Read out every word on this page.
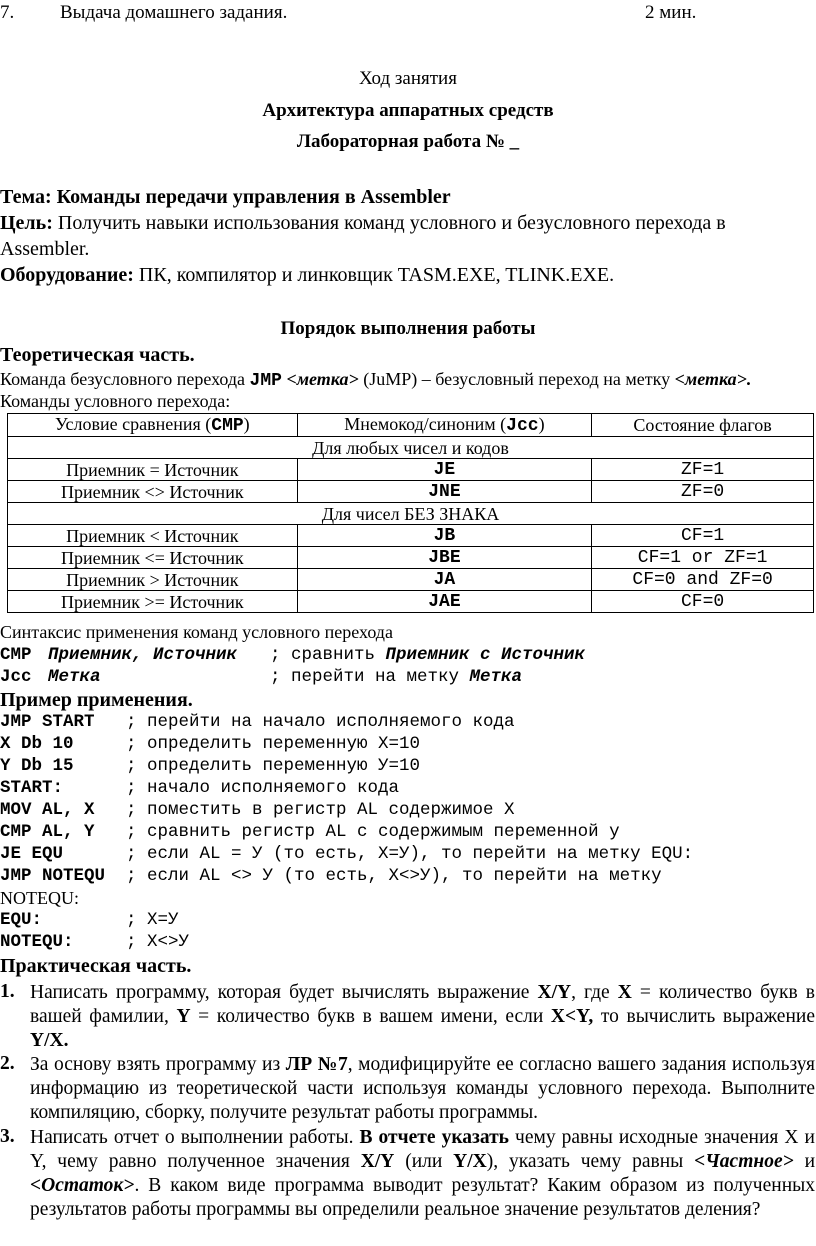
7. Выдача домашнего задания.	2 мин.
Ход занятия
Архитектура аппаратных средств
Лабораторная работа № _
Тема: Команды передачи управления в Assembler
Цель: Получить навыки использования команд условного и безусловного перехода в
Assembler.
Оборудование: ПК, компилятор и линковщик TASM.EXE, TLINK.EXE.
Порядок выполнения работы
Теоретическая часть.
Команда безусловного перехода JMP <метка> (JuMP) – безусловный переход на метку <метка>.
Команды условного перехода:
Условие сравнения (CMP)	Мнемокод/синоним (Jcc)	Состояние флагов
Для любых чисел и кодов		
Приемник = Источник	JE	ZF=1
Приемник <> Источник	JNE	ZF=0
Для чисел БЕЗ ЗНАКА		
Приемник < Источник	JB	CF=1
Приемник <= Источник	JBE	CF=1 or ZF=1
Приемник > Источник	JA	CF=0 and ZF=0
Приемник >= Источник	JAE	CF=0
Синтаксис применения команд условного перехода
CMP Приемник, Источник ; сравнить Приемник с Источник
Jcc Метка	; перейти на метку Метка
Пример применения.
JMP START ; перейти на начало исполняемого кода
X Db 10	; определить переменную X=10
Y Db 15	; определить переменную У=10
START:	; начало исполняемого кода
MOV AL, X ; поместить в регистр AL содержимое X
CMP AL, Y ; сравнить регистр AL с содержимым переменной у
JE EQU	; если AL = У (то есть, X=У), то перейти на метку EQU:
JMP NOTEQU ; если AL <> У (то есть, X<>У), то перейти на метку
NOTEQU:
EQU:	; X=У
NOTEQU:	; X<>У
Практическая часть.
1. Написать программу, которая будет вычислять выражение X/Y, где X = количество букв в вашей фамилии, Y = количество букв в вашем имени, если X<Y, то вычислить выражение Y/X.
2. За основу взять программу из ЛР №7, модифицируйте ее согласно вашего задания используя информацию из теоретической части используя команды условного перехода. Выполните компиляцию, сборку, получите результат работы программы.
3. Написать отчет о выполнении работы. В отчете указать чему равны исходные значения X и Y, чему равно полученное значения X/Y (или Y/X), указать чему равны <Частное> и <Остаток>. В каком виде программа выводит результат? Каким образом из полученных результатов работы программы вы определили реальное значение результатов деления?
